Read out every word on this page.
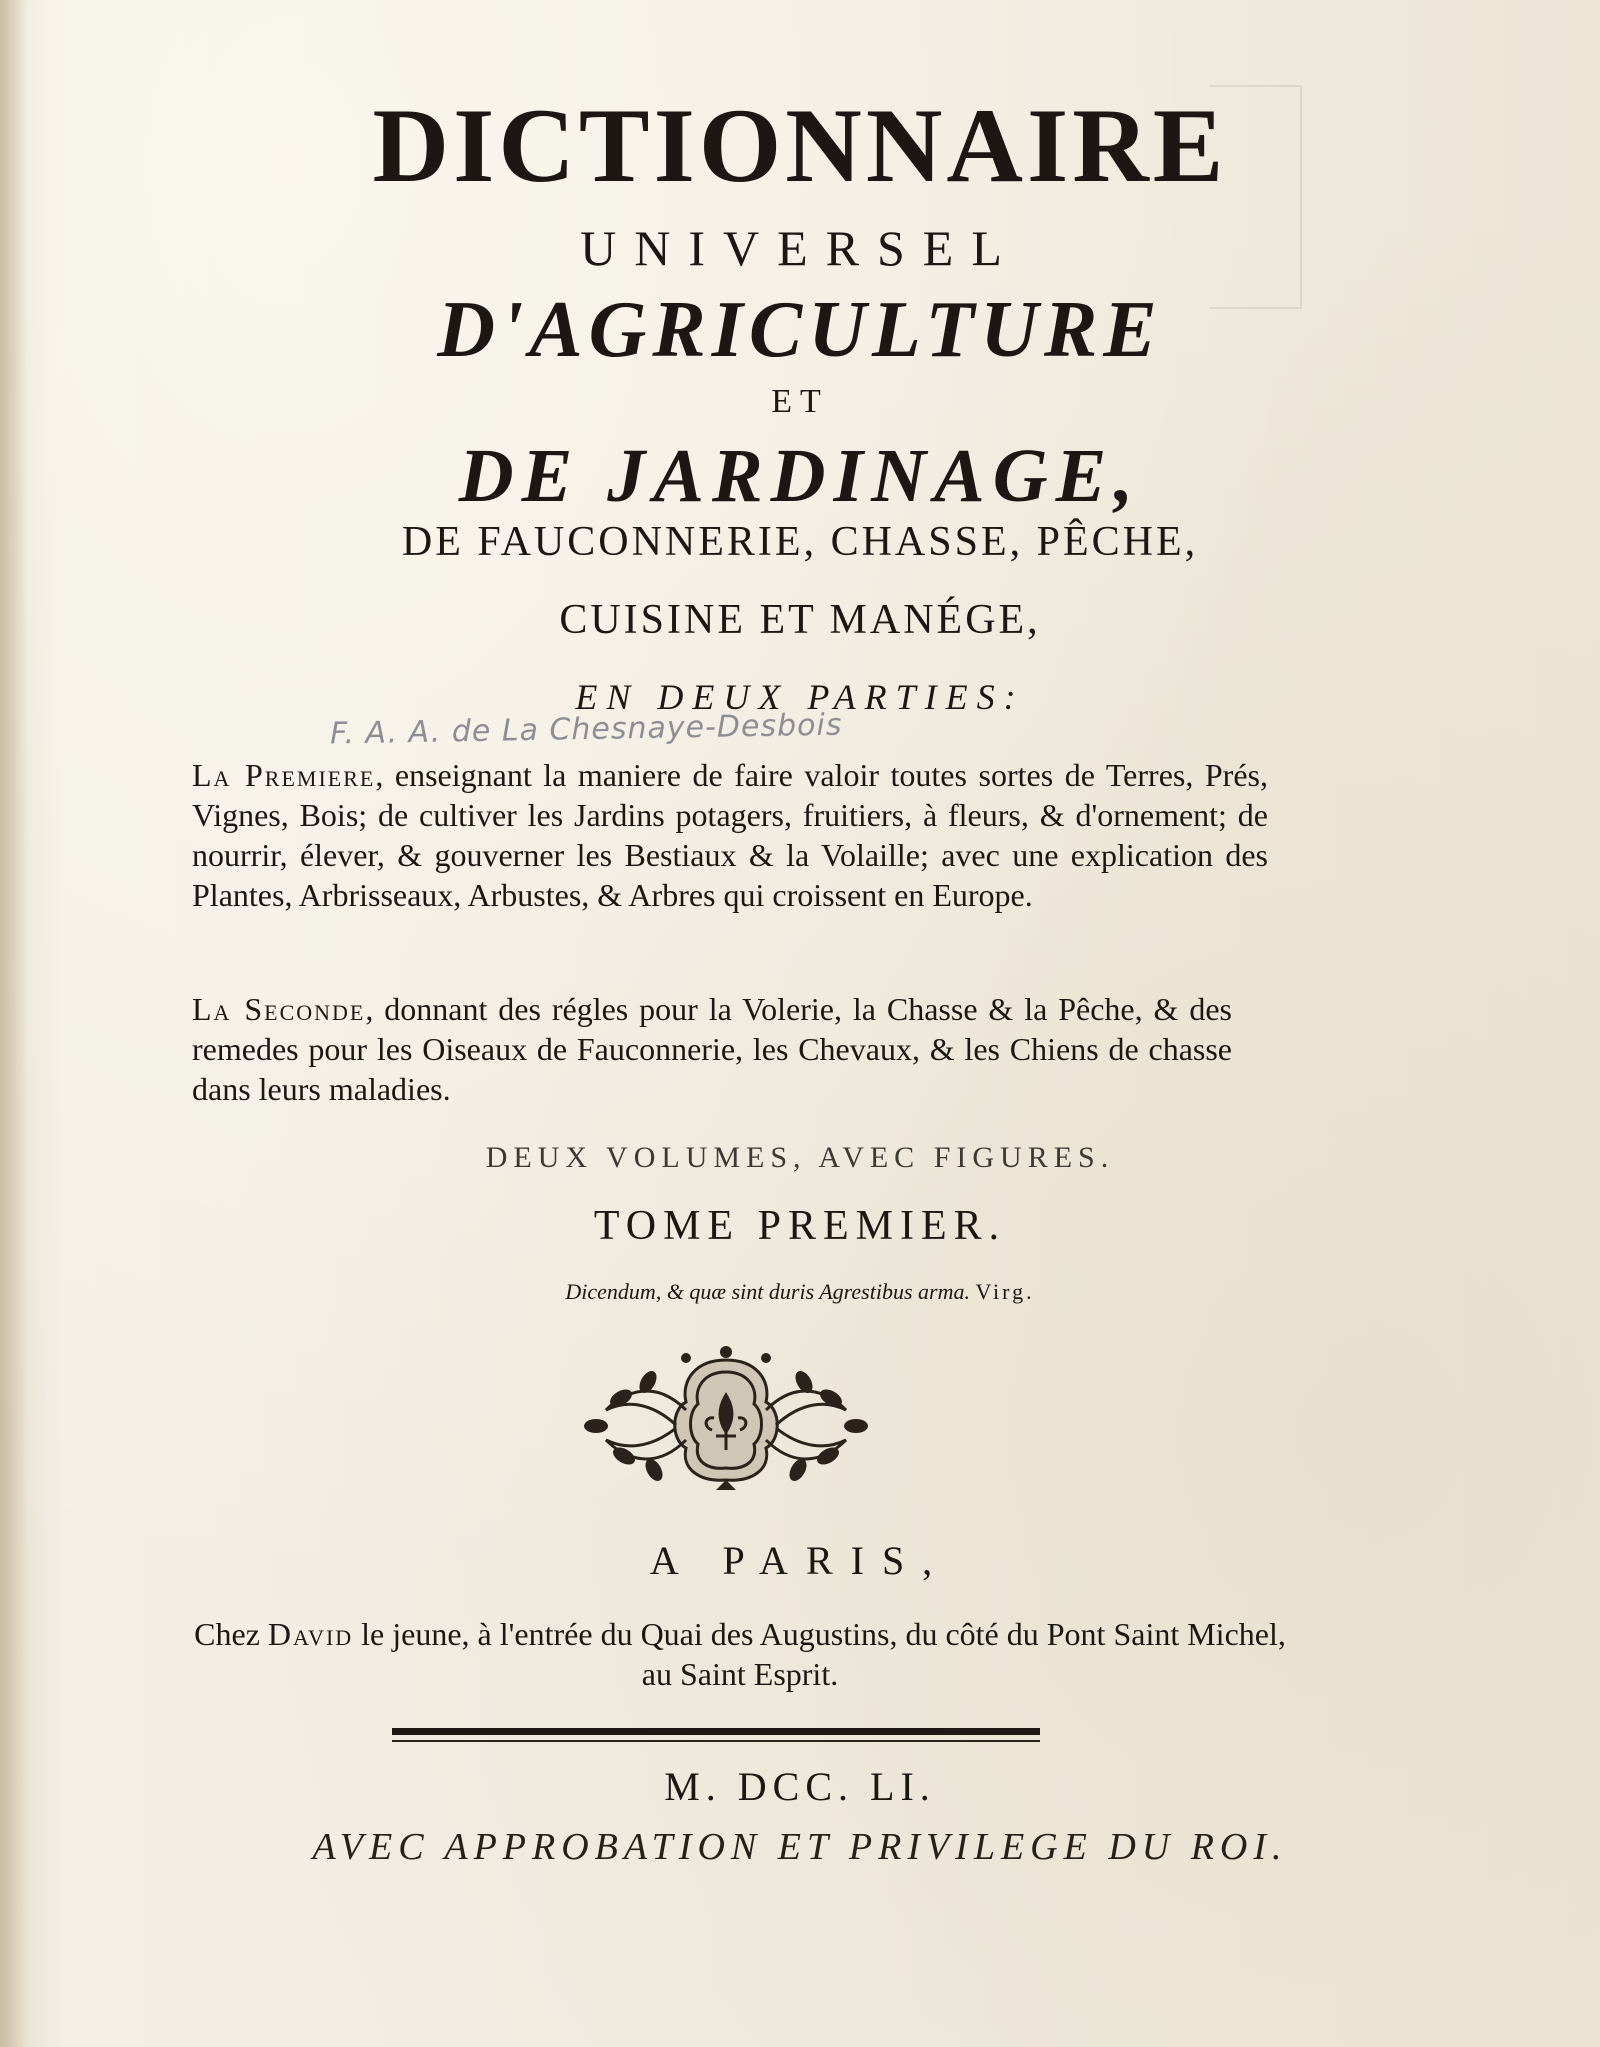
DICTIONNAIRE
UNIVERSEL
D'AGRICULTURE
ET
DE JARDINAGE,
DE FAUCONNERIE, CHASSE, PÊCHE,
CUISINE ET MANÉGE,
EN DEUX PARTIES:
F. A. A. de La Chesnaye-Desbois
La Premiere, enseignant la maniere de faire valoir toutes sortes de Terres, Prés, Vignes, Bois; de cultiver les Jardins potagers, fruitiers, à fleurs, & d'ornement; de nourrir, élever, & gouverner les Bestiaux & la Volaille; avec une explication des Plantes, Arbrisseaux, Arbustes, & Arbres qui croissent en Europe.
La Seconde, donnant des régles pour la Volerie, la Chasse & la Pêche, & des remedes pour les Oiseaux de Fauconnerie, les Chevaux, & les Chiens de chasse dans leurs maladies.
DEUX VOLUMES, AVEC FIGURES.
TOME PREMIER.
Dicendum, & quæ sint duris Agrestibus arma. Virg.
A PARIS,
Chez David le jeune, à l'entrée du Quai des Augustins, du côté du Pont Saint Michel, au Saint Esprit.
M. DCC. LI.
AVEC APPROBATION ET PRIVILEGE DU ROI.
